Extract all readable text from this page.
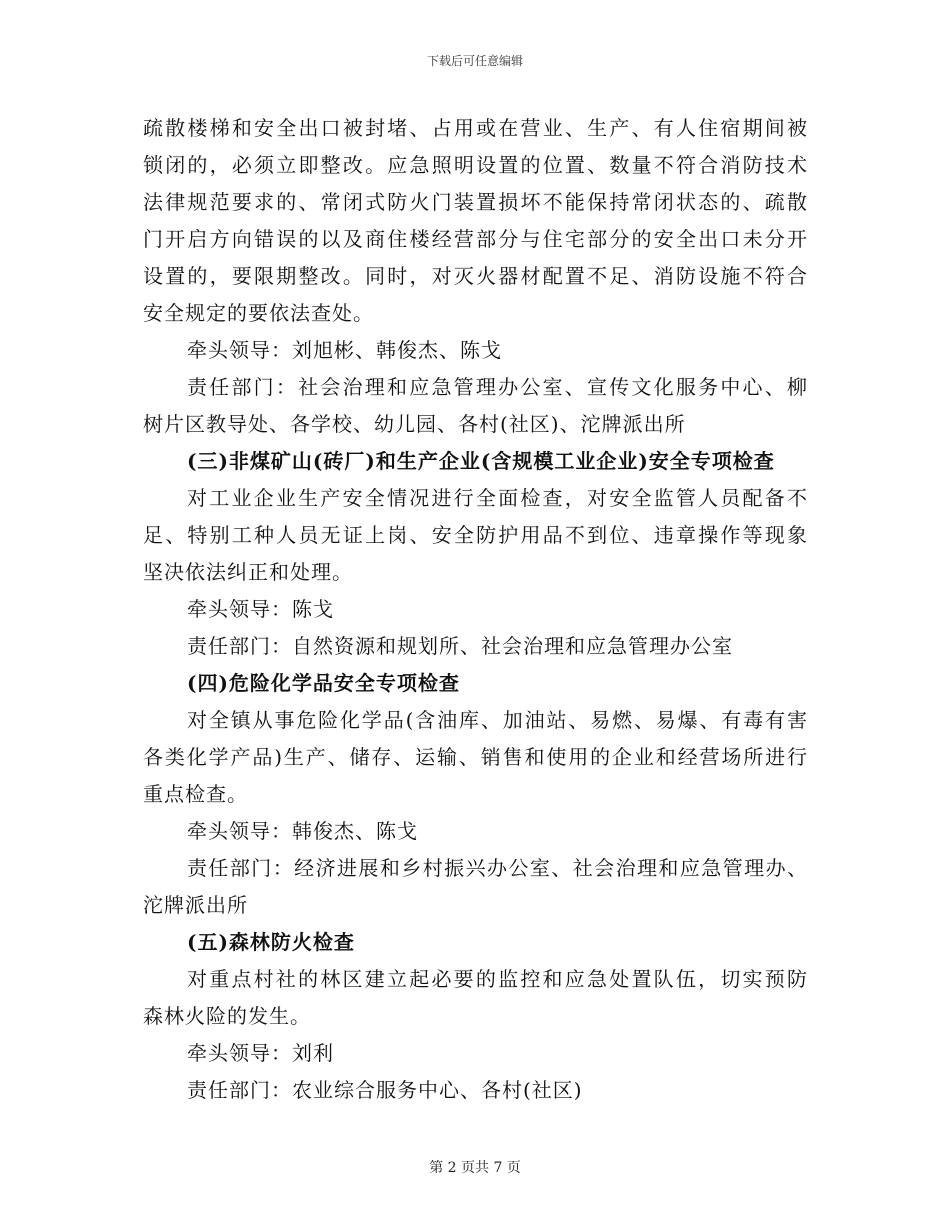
下载后可任意编辑
疏散楼梯和安全出口被封堵、占用或在营业、生产、有人住宿期间被
锁闭的，必须立即整改。应急照明设置的位置、数量不符合消防技术
法律规范要求的、常闭式防火门装置损坏不能保持常闭状态的、疏散
门开启方向错误的以及商住楼经营部分与住宅部分的安全出口未分开
设置的，要限期整改。同时，对灭火器材配置不足、消防设施不符合
安全规定的要依法查处。
牵头领导：刘旭彬、韩俊杰、陈戈
责任部门：社会治理和应急管理办公室、宣传文化服务中心、柳
树片区教导处、各学校、幼儿园、各村(社区)、沱牌派出所
(三)非煤矿山(砖厂)和生产企业(含规模工业企业)安全专项检查
对工业企业生产安全情况进行全面检查，对安全监管人员配备不
足、特别工种人员无证上岗、安全防护用品不到位、违章操作等现象
坚决依法纠正和处理。
牵头领导：陈戈
责任部门：自然资源和规划所、社会治理和应急管理办公室
(四)危险化学品安全专项检查
对全镇从事危险化学品(含油库、加油站、易燃、易爆、有毒有害
各类化学产品)生产、储存、运输、销售和使用的企业和经营场所进行
重点检查。
牵头领导：韩俊杰、陈戈
责任部门：经济进展和乡村振兴办公室、社会治理和应急管理办、
沱牌派出所
(五)森林防火检查
对重点村社的林区建立起必要的监控和应急处置队伍，切实预防
森林火险的发生。
牵头领导：刘利
责任部门：农业综合服务中心、各村(社区)
第 2 页共 7 页
